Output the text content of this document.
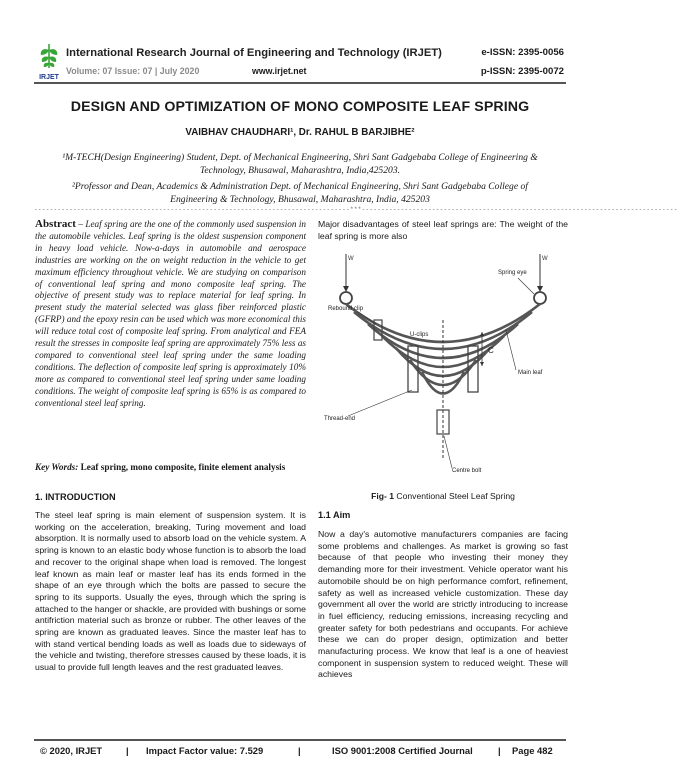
IRJET
International Research Journal of Engineering and Technology (IRJET)	e-ISSN: 2395-0056
Volume: 07 Issue: 07 | July 2020	www.irjet.net	p-ISSN: 2395-0072
DESIGN AND OPTIMIZATION OF MONO COMPOSITE LEAF SPRING
VAIBHAV CHAUDHARI¹, Dr. RAHUL B BARJIBHE²
¹M-TECH(Design Engineering) Student, Dept. of Mechanical Engineering, Shri Sant Gadgebaba College of Engineering & Technology, Bhusawal, Maharashtra, India,425203.
²Professor and Dean, Academics & Administration Dept. of Mechanical Engineering, Shri Sant Gadgebaba College of Engineering & Technology, Bhusawal, Maharashtra, India, 425203
---------------------------------------------------------------------------------***---------------------------------------------------------------------------------
Abstract – Leaf spring are the one of the commonly used suspension in the automobile vehicles. Leaf spring is the oldest suspension component in heavy load vehicle. Now-a-days in automobile and aerospace industries are working on the on weight reduction in the vehicle to get maximum efficiency throughout vehicle. We are studying on comparison of conventional leaf spring and mono composite leaf spring. The objective of present study was to replace material for leaf spring. In present study the material selected was glass fiber reinforced plastic (GFRP) and the epoxy resin can be used which was more economical this will reduce total cost of composite leaf spring. From analytical and FEA result the stresses in composite leaf spring are approximately 75% less as compared to conventional steel leaf spring under the same loading conditions. The deflection of composite leaf spring is approximately 10% more as compared to conventional steel leaf spring under same loading conditions. The weight of composite leaf spring is 65% is as compared to conventional steel leaf spring.
Key Words: Leaf spring, mono composite, finite element analysis
1. INTRODUCTION
The steel leaf spring is main element of suspension system. It is working on the acceleration, breaking, Turing movement and load absorption. It is normally used to absorb load on the vehicle system. A spring is known to an elastic body whose function is to absorb the load and recover to the original shape when load is removed. The longest leaf known as main leaf or master leaf has its ends formed in the shape of an eye through which the bolts are passed to secure the spring to its supports. Usually the eyes, through which the spring is attached to the hanger or shackle, are provided with bushings or some antifriction material such as bronze or rubber. The other leaves of the spring are known as graduated leaves. Since the master leaf has to with stand vertical bending loads as well as loads due to sideways of the vehicle and twisting, therefore stresses caused by these loads, it is usual to provide full length leaves and the rest graduated leaves.
Major disadvantages of steel leaf springs are: The weight of the leaf spring is more also
W	W
C
Rebound clip
Spring eye
U-clips
Main leaf
Thread-end
Centre bolt
Fig- 1 Conventional Steel Leaf Spring
1.1 Aim
Now a day's automotive manufacturers companies are facing some problems and challenges. As market is growing so fast because of that people who investing their money they demanding more for their investment. Vehicle operator want his automobile should be on high performance comfort, refinement, safety as well as increased vehicle customization. These day government all over the world are strictly introducing to increase in fuel efficiency, reducing emissions, increasing recycling and greater safety for both pedestrians and occupants. For achieve these we can do proper design, optimization and better manufacturing process. We know that leaf is a one of heaviest component in suspension system to reduced weight. These will achieves
© 2020, IRJET	| Impact Factor value: 7.529	|	ISO 9001:2008 Certified Journal	| Page 482
